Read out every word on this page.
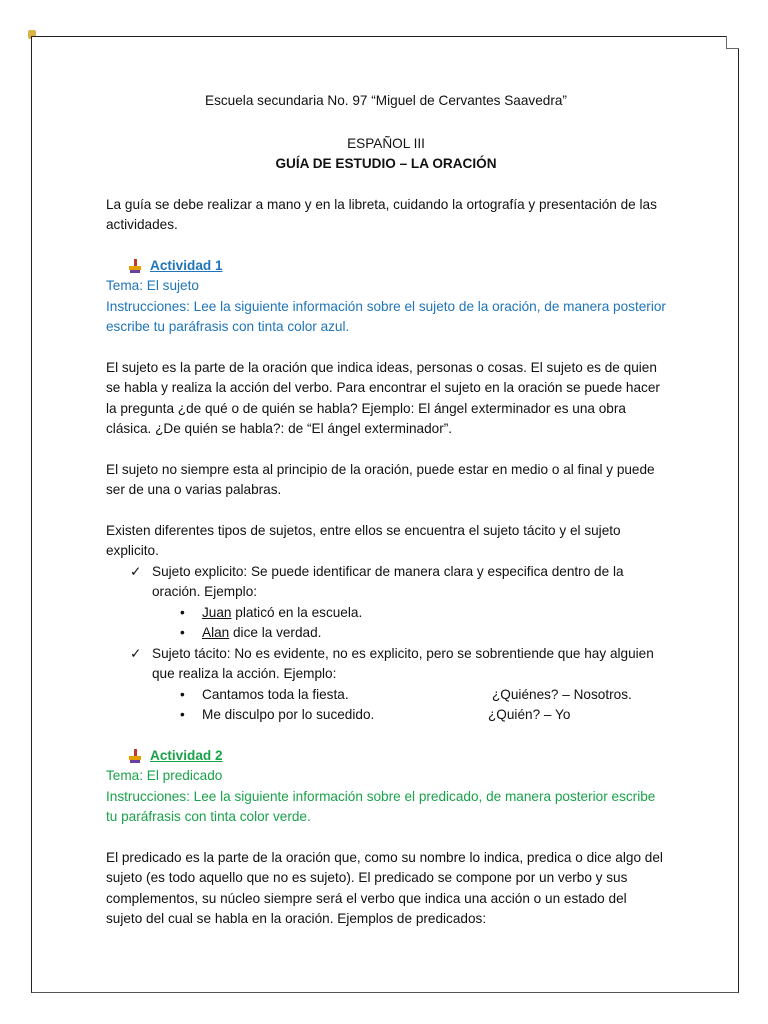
Escuela secundaria No. 97 “Miguel de Cervantes Saavedra”

ESPAÑOL III

GUÍA DE ESTUDIO – LA ORACIÓN

La guía se debe realizar a mano y en la libreta, cuidando la ortografía y presentación de las actividades.

Actividad 1

Tema: El sujeto

Instrucciones: Lee la siguiente información sobre el sujeto de la oración, de manera posterior escribe tu paráfrasis con tinta color azul.

El sujeto es la parte de la oración que indica ideas, personas o cosas. El sujeto es de quien se habla y realiza la acción del verbo. Para encontrar el sujeto en la oración se puede hacer la pregunta ¿de qué o de quién se habla? Ejemplo: El ángel exterminador es una obra clásica. ¿De quién se habla?: de “El ángel exterminador”.

El sujeto no siempre esta al principio de la oración, puede estar en medio o al final y puede ser de una o varias palabras.

Existen diferentes tipos de sujetos, entre ellos se encuentra el sujeto tácito y el sujeto explicito.

✓ Sujeto explicito: Se puede identificar de manera clara y especifica dentro de la oración. Ejemplo:
• Juan platicó en la escuela.
• Alan dice la verdad.
✓ Sujeto tácito: No es evidente, no es explicito, pero se sobrentiende que hay alguien que realiza la acción. Ejemplo:
• Cantamos toda la fiesta.	¿Quiénes? – Nosotros.
• Me disculpo por lo sucedido.	¿Quién? – Yo
Actividad 2

Tema: El predicado

Instrucciones: Lee la siguiente información sobre el predicado, de manera posterior escribe tu paráfrasis con tinta color verde.

El predicado es la parte de la oración que, como su nombre lo indica, predica o dice algo del sujeto (es todo aquello que no es sujeto). El predicado se compone por un verbo y sus complementos, su núcleo siempre será el verbo que indica una acción o un estado del sujeto del cual se habla en la oración. Ejemplos de predicados:
